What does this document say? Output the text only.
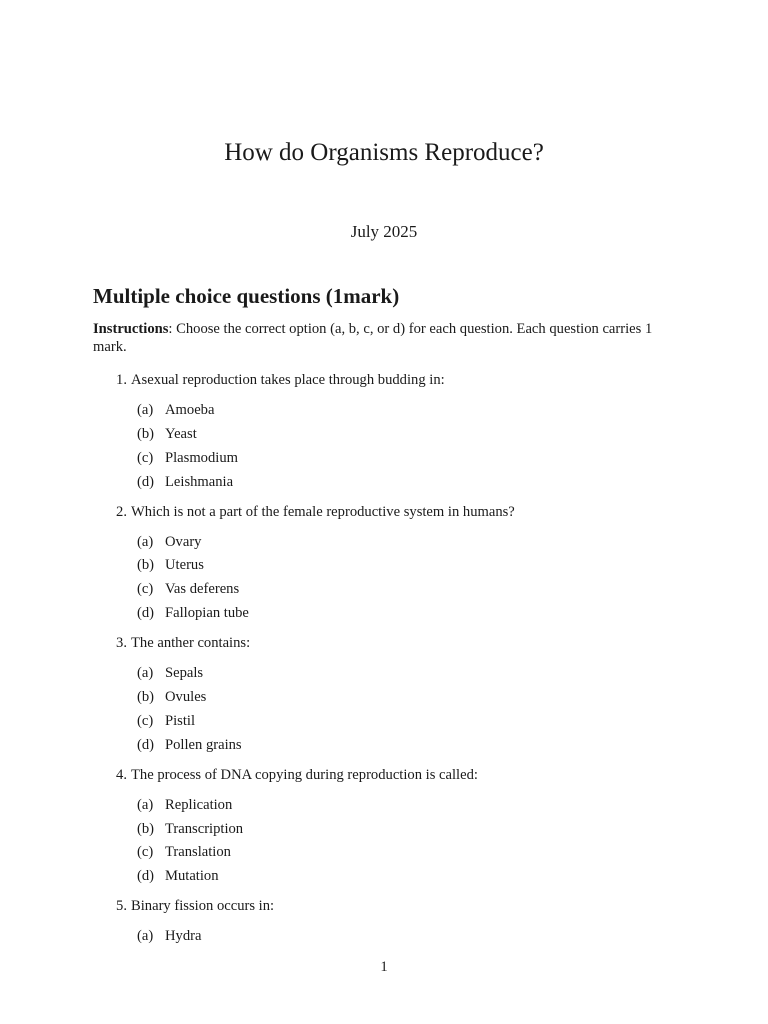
How do Organisms Reproduce?
July 2025
Multiple choice questions (1mark)
Instructions: Choose the correct option (a, b, c, or d) for each question. Each question carries 1 mark.
1. Asexual reproduction takes place through budding in:
(a) Amoeba
(b) Yeast
(c) Plasmodium
(d) Leishmania
2. Which is not a part of the female reproductive system in humans?
(a) Ovary
(b) Uterus
(c) Vas deferens
(d) Fallopian tube
3. The anther contains:
(a) Sepals
(b) Ovules
(c) Pistil
(d) Pollen grains
4. The process of DNA copying during reproduction is called:
(a) Replication
(b) Transcription
(c) Translation
(d) Mutation
5. Binary fission occurs in:
(a) Hydra
1
